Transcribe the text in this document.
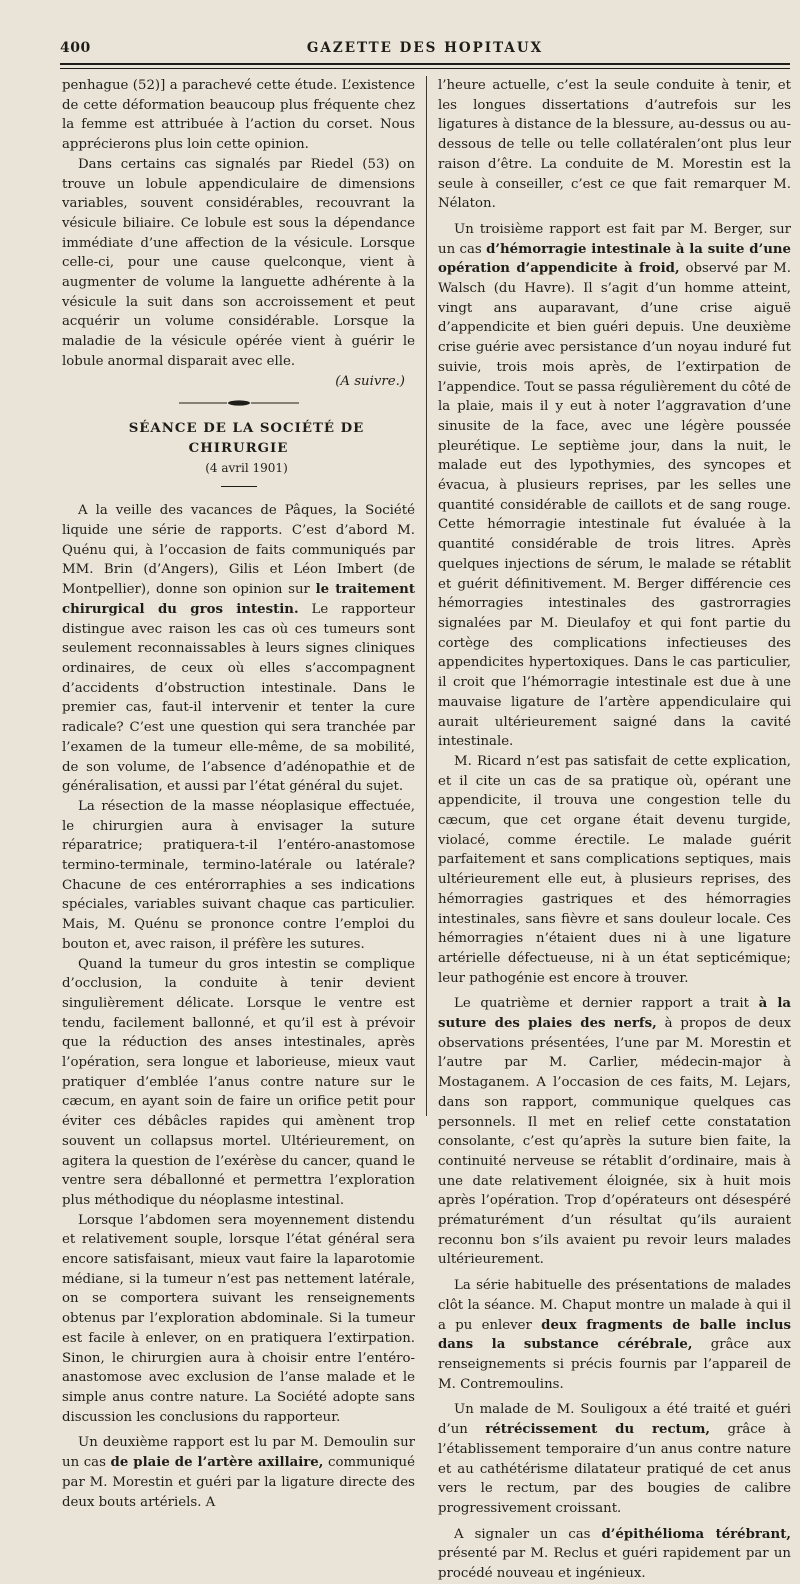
400	GAZETTE DES HOPITAUX

penhague (52)] a parachevé cette étude. L’existence de cette déformation beaucoup plus fréquente chez la femme est attribuée à l’action du corset. Nous apprécierons plus loin cette opinion.

Dans certains cas signalés par Riedel (53) on trouve un lobule appendiculaire de dimensions variables, souvent considérables, recouvrant la vésicule biliaire. Ce lobule est sous la dépendance immédiate d’une affection de la vésicule. Lorsque celle-ci, pour une cause quelconque, vient à augmenter de volume la languette adhérente à la vésicule la suit dans son accroissement et peut acquérir un volume considérable. Lorsque la maladie de la vésicule opérée vient à guérir le lobule anormal disparait avec elle.

(A suivre.)

SÉANCE DE LA SOCIÉTÉ DE CHIRURGIE

(4 avril 1901)

A la veille des vacances de Pâques, la Société liquide une série de rapports. C’est d’abord M. Quénu qui, à l’occasion de faits communiqués par MM. Brin (d’Angers), Gilis et Léon Imbert (de Montpellier), donne son opinion sur le traitement chirurgical du gros intestin. Le rapporteur distingue avec raison les cas où ces tumeurs sont seulement reconnaissables à leurs signes cliniques ordinaires, de ceux où elles s’accompagnent d’accidents d’obstruction intestinale. Dans le premier cas, faut-il intervenir et tenter la cure radicale? C’est une question qui sera tranchée par l’examen de la tumeur elle-même, de sa mobilité, de son volume, de l’absence d’adénopathie et de généralisation, et aussi par l’état général du sujet.

La résection de la masse néoplasique effectuée, le chirurgien aura à envisager la suture réparatrice; pratiquera-t-il l’entéro-anastomose termino-terminale, termino-latérale ou latérale? Chacune de ces entérorraphies a ses indications spéciales, variables suivant chaque cas particulier. Mais, M. Quénu se prononce contre l’emploi du bouton et, avec raison, il préfère les sutures.

Quand la tumeur du gros intestin se complique d’occlusion, la conduite à tenir devient singulièrement délicate. Lorsque le ventre est tendu, facilement ballonné, et qu’il est à prévoir que la réduction des anses intestinales, après l’opération, sera longue et laborieuse, mieux vaut pratiquer d’emblée l’anus contre nature sur le cæcum, en ayant soin de faire un orifice petit pour éviter ces débâcles rapides qui amènent trop souvent un collapsus mortel. Ultérieurement, on agitera la question de l’exérèse du cancer, quand le ventre sera déballonné et permettra l’exploration plus méthodique du néoplasme intestinal.

Lorsque l’abdomen sera moyennement distendu et relativement souple, lorsque l’état général sera encore satisfaisant, mieux vaut faire la laparotomie médiane, si la tumeur n’est pas nettement latérale, on se comportera suivant les renseignements obtenus par l’exploration abdominale. Si la tumeur est facile à enlever, on en pratiquera l’extirpation. Sinon, le chirurgien aura à choisir entre l’entéro-anastomose avec exclusion de l’anse malade et le simple anus contre nature. La Société adopte sans discussion les conclusions du rapporteur.

Un deuxième rapport est lu par M. Demoulin sur un cas de plaie de l’artère axillaire, communiqué par M. Morestin et guéri par la ligature directe des deux bouts artériels. A

l’heure actuelle, c’est la seule conduite à tenir, et les longues dissertations d’autrefois sur les ligatures à distance de la blessure, au-dessus ou au-dessous de telle ou telle collatéralen’ont plus leur raison d’être. La conduite de M. Morestin est la seule à conseiller, c’est ce que fait remarquer M. Nélaton.

Un troisième rapport est fait par M. Berger, sur un cas d’hémorragie intestinale à la suite d’une opération d’appendicite à froid, observé par M. Walsch (du Havre). Il s’agit d’un homme atteint, vingt ans auparavant, d’une crise aiguë d’appendicite et bien guéri depuis. Une deuxième crise guérie avec persistance d’un noyau induré fut suivie, trois mois après, de l’extirpation de l’appendice. Tout se passa régulièrement du côté de la plaie, mais il y eut à noter l’aggravation d’une sinusite de la face, avec une légère poussée pleurétique. Le septième jour, dans la nuit, le malade eut des lypothymies, des syncopes et évacua, à plusieurs reprises, par les selles une quantité considérable de caillots et de sang rouge. Cette hémorragie intestinale fut évaluée à la quantité considérable de trois litres. Après quelques injections de sérum, le malade se rétablit et guérit définitivement. M. Berger différencie ces hémorragies intestinales des gastrorragies signalées par M. Dieulafoy et qui font partie du cortège des complications infectieuses des appendicites hypertoxiques. Dans le cas particulier, il croit que l’hémorragie intestinale est due à une mauvaise ligature de l’artère appendiculaire qui aurait ultérieurement saigné dans la cavité intestinale.

M. Ricard n’est pas satisfait de cette explication, et il cite un cas de sa pratique où, opérant une appendicite, il trouva une congestion telle du cæcum, que cet organe était devenu turgide, violacé, comme érectile. Le malade guérit parfaitement et sans complications septiques, mais ultérieurement elle eut, à plusieurs reprises, des hémorragies gastriques et des hémorragies intestinales, sans fièvre et sans douleur locale. Ces hémorragies n’étaient dues ni à une ligature artérielle défectueuse, ni à un état septicémique; leur pathogénie est encore à trouver.

Le quatrième et dernier rapport a trait à la suture des plaies des nerfs, à propos de deux observations présentées, l’une par M. Morestin et l’autre par M. Carlier, médecin-major à Mostaganem. A l’occasion de ces faits, M. Lejars, dans son rapport, communique quelques cas personnels. Il met en relief cette constatation consolante, c’est qu’après la suture bien faite, la continuité nerveuse se rétablit d’ordinaire, mais à une date relativement éloignée, six à huit mois après l’opération. Trop d’opérateurs ont désespéré prématurément d’un résultat qu’ils auraient reconnu bon s’ils avaient pu revoir leurs malades ultérieurement.

La série habituelle des présentations de malades clôt la séance. M. Chaput montre un malade à qui il a pu enlever deux fragments de balle inclus dans la substance cérébrale, grâce aux renseignements si précis fournis par l’appareil de M. Contremoulins.

Un malade de M. Souligoux a été traité et guéri d’un rétrécissement du rectum, grâce à l’établissement temporaire d’un anus contre nature et au cathétérisme dilatateur pratiqué de cet anus vers le rectum, par des bougies de calibre progressivement croissant.

A signaler un cas d’épithélioma térébrant, présenté par M. Reclus et guéri rapidement par un procédé nouveau et ingénieux.
